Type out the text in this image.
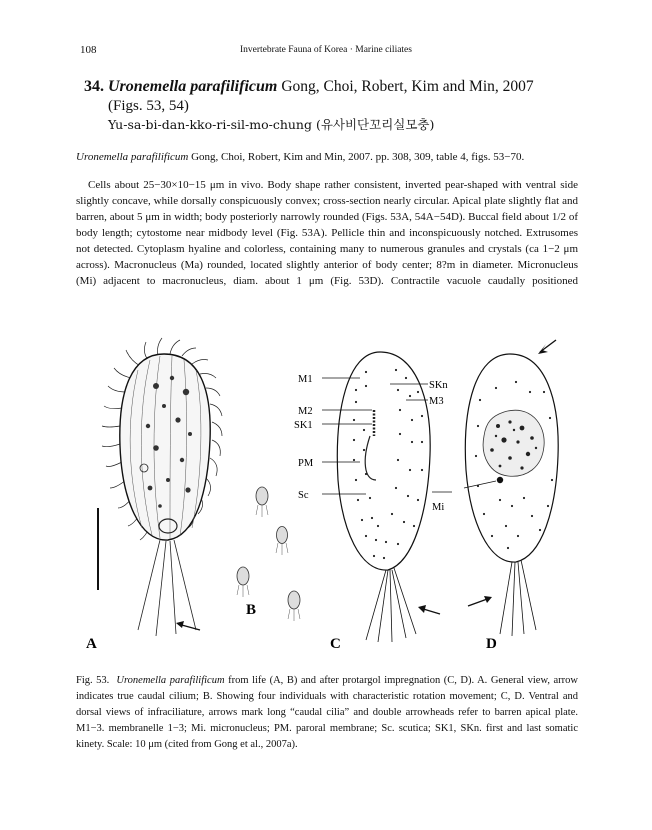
108	Invertebrate Fauna of Korea · Marine ciliates
34. Uronemella parafilificum Gong, Choi, Robert, Kim and Min, 2007
(Figs. 53, 54)
Yu-sa-bi-dan-kko-ri-sil-mo-chung (유사비단꼬리실모충)
Uronemella parafilificum Gong, Choi, Robert, Kim and Min, 2007. pp. 308, 309, table 4, figs. 53−70.

Cells about 25−30×10−15 μm in vivo. Body shape rather consistent, inverted pear-shaped with ventral side slightly concave, while dorsally conspicuously convex; cross-section nearly circular. Apical plate slightly flat and barren, about 5 μm in width; body posteriorly narrowly rounded (Figs. 53A, 54A−54D). Buccal field about 1/2 of body length; cytostome near midbody level (Fig. 53A). Pellicle thin and inconspicuously notched. Extrusomes not detected. Cytoplasm hyaline and colorless, containing many to numerous granules and crystals (ca 1−2 μm across). Macronucleus (Ma) rounded, located slightly anterior of body center; 8?m in diameter. Micronucleus (Mi) adjacent to macronucleus, diam. about 1 μm (Fig. 53D). Contractile vacuole caudally positioned

A
B
M1
M2
SK1
PM
Sc
SKn
M3
C
Mi
D

Fig. 53. Uronemella parafilificum from life (A, B) and after protargol impregnation (C, D). A. General view, arrow indicates true caudal cilium; B. Showing four individuals with characteristic rotation movement; C, D. Ventral and dorsal views of infraciliature, arrows mark long “caudal cilia” and double arrowheads refer to barren apical plate. M1−3. membranelle 1−3; Mi. micronucleus; PM. paroral membrane; Sc. scutica; SK1, SKn. first and last somatic kinety. Scale: 10 μm (cited from Gong et al., 2007a).
